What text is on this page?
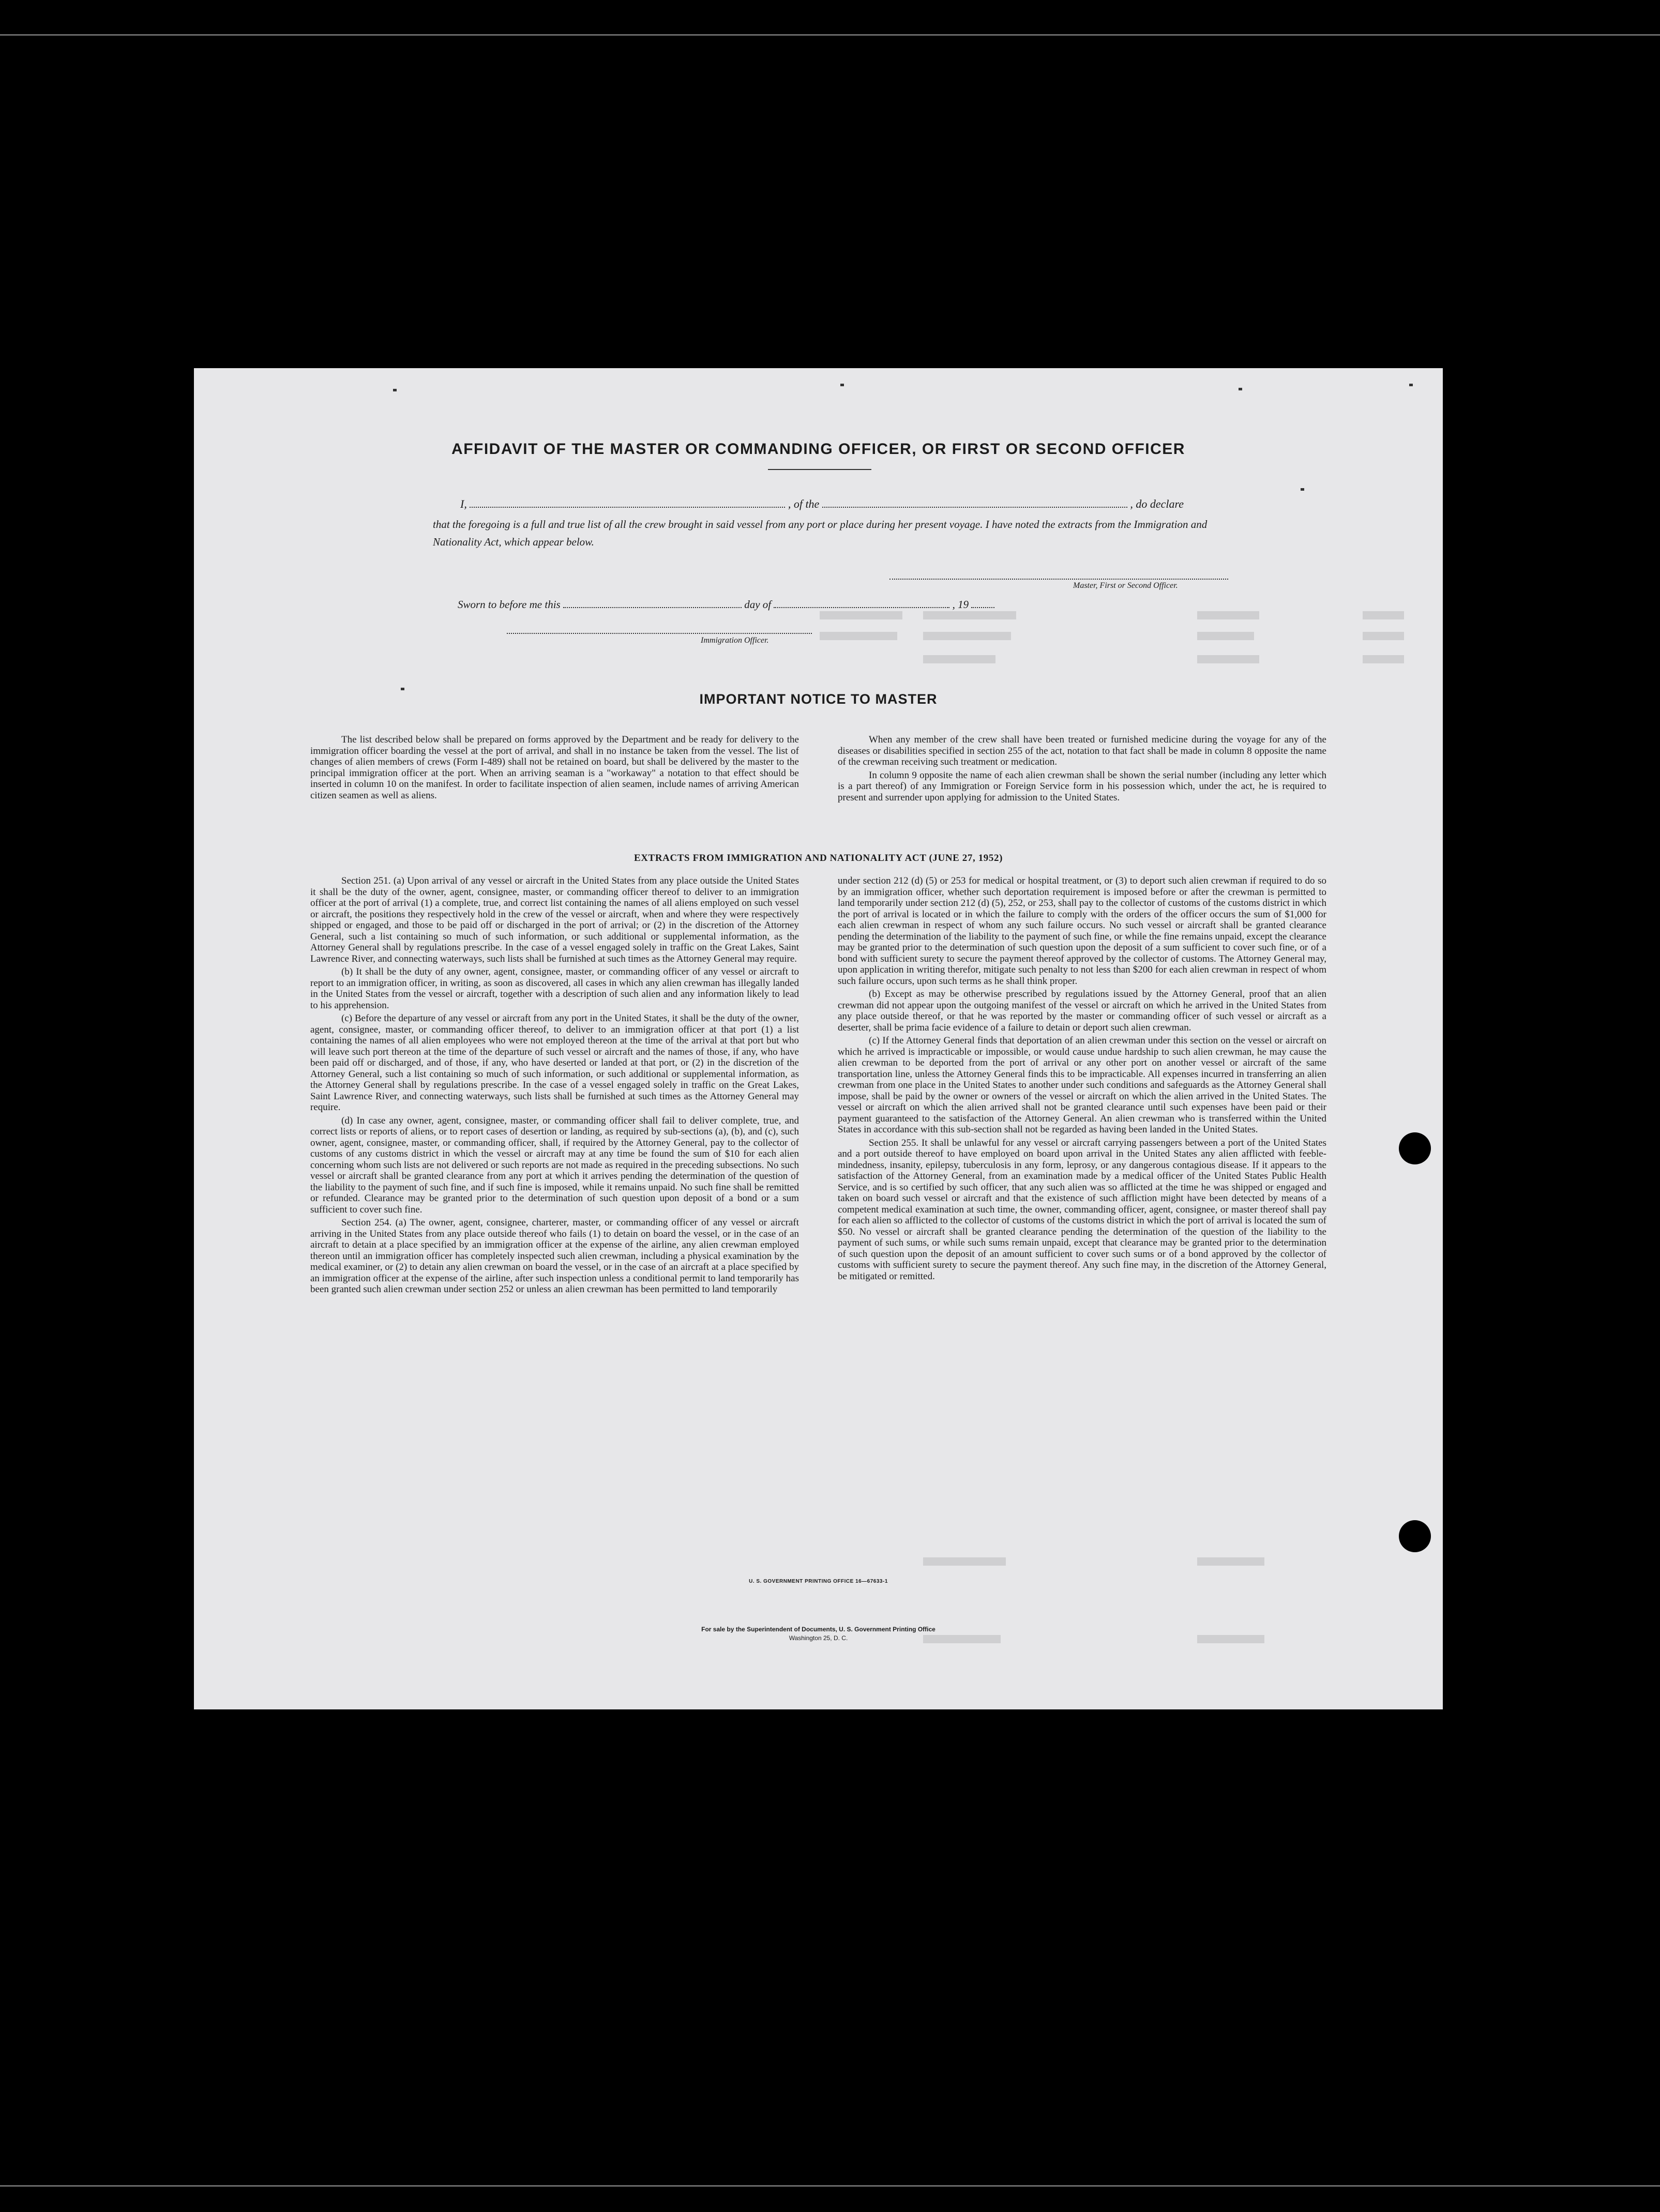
AFFIDAVIT OF THE MASTER OR COMMANDING OFFICER, OR FIRST OR SECOND OFFICER
I,	, of the	, do declare
that the foregoing is a full and true list of all the crew brought in said vessel from any port or place during her present voyage. I have noted the extracts from the Immigration and Nationality Act, which appear below.
Master, First or Second Officer.
Sworn to before me this	day of	, 19
Immigration Officer.
IMPORTANT NOTICE TO MASTER

The list described below shall be prepared on forms approved by the Department and be ready for delivery to the immigration officer boarding the vessel at the port of arrival, and shall in no instance be taken from the vessel. The list of changes of alien members of crews (Form I-489) shall not be retained on board, but shall be delivered by the master to the principal immigration officer at the port. When an arriving seaman is a "workaway" a notation to that effect should be inserted in column 10 on the manifest. In order to facilitate inspection of alien seamen, include names of arriving American citizen seamen as well as aliens.

When any member of the crew shall have been treated or furnished medicine during the voyage for any of the diseases or disabilities specified in section 255 of the act, notation to that fact shall be made in column 8 opposite the name of the crewman receiving such treatment or medication.

In column 9 opposite the name of each alien crewman shall be shown the serial number (including any letter which is a part thereof) of any Immigration or Foreign Service form in his possession which, under the act, he is required to present and surrender upon applying for admission to the United States.

EXTRACTS FROM IMMIGRATION AND NATIONALITY ACT (JUNE 27, 1952)

Section 251. (a) Upon arrival of any vessel or aircraft in the United States from any place outside the United States it shall be the duty of the owner, agent, consignee, master, or commanding officer thereof to deliver to an immigration officer at the port of arrival (1) a complete, true, and correct list containing the names of all aliens employed on such vessel or aircraft, the positions they respectively hold in the crew of the vessel or aircraft, when and where they were respectively shipped or engaged, and those to be paid off or discharged in the port of arrival; or (2) in the discretion of the Attorney General, such a list containing so much of such information, or such additional or supplemental information, as the Attorney General shall by regulations prescribe. In the case of a vessel engaged solely in traffic on the Great Lakes, Saint Lawrence River, and connecting waterways, such lists shall be furnished at such times as the Attorney General may require.

(b) It shall be the duty of any owner, agent, consignee, master, or commanding officer of any vessel or aircraft to report to an immigration officer, in writing, as soon as discovered, all cases in which any alien crewman has illegally landed in the United States from the vessel or aircraft, together with a description of such alien and any information likely to lead to his apprehension.

(c) Before the departure of any vessel or aircraft from any port in the United States, it shall be the duty of the owner, agent, consignee, master, or commanding officer thereof, to deliver to an immigration officer at that port (1) a list containing the names of all alien employees who were not employed thereon at the time of the arrival at that port but who will leave such port thereon at the time of the departure of such vessel or aircraft and the names of those, if any, who have been paid off or discharged, and of those, if any, who have deserted or landed at that port, or (2) in the discretion of the Attorney General, such a list containing so much of such information, or such additional or supplemental information, as the Attorney General shall by regulations prescribe. In the case of a vessel engaged solely in traffic on the Great Lakes, Saint Lawrence River, and connecting waterways, such lists shall be furnished at such times as the Attorney General may require.

(d) In case any owner, agent, consignee, master, or commanding officer shall fail to deliver complete, true, and correct lists or reports of aliens, or to report cases of desertion or landing, as required by sub-sections (a), (b), and (c), such owner, agent, consignee, master, or commanding officer, shall, if required by the Attorney General, pay to the collector of customs of any customs district in which the vessel or aircraft may at any time be found the sum of $10 for each alien concerning whom such lists are not delivered or such reports are not made as required in the preceding subsections. No such vessel or aircraft shall be granted clearance from any port at which it arrives pending the determination of the question of the liability to the payment of such fine, and if such fine is imposed, while it remains unpaid. No such fine shall be remitted or refunded. Clearance may be granted prior to the determination of such question upon deposit of a bond or a sum sufficient to cover such fine.

Section 254. (a) The owner, agent, consignee, charterer, master, or commanding officer of any vessel or aircraft arriving in the United States from any place outside thereof who fails (1) to detain on board the vessel, or in the case of an aircraft to detain at a place specified by an immigration officer at the expense of the airline, any alien crewman employed thereon until an immigration officer has completely inspected such alien crewman, including a physical examination by the medical examiner, or (2) to detain any alien crewman on board the vessel, or in the case of an aircraft at a place specified by an immigration officer at the expense of the airline, after such inspection unless a conditional permit to land temporarily has been granted such alien crewman under section 252 or unless an alien crewman has been permitted to land temporarily

under section 212 (d) (5) or 253 for medical or hospital treatment, or (3) to deport such alien crewman if required to do so by an immigration officer, whether such deportation requirement is imposed before or after the crewman is permitted to land temporarily under section 212 (d) (5), 252, or 253, shall pay to the collector of customs of the customs district in which the port of arrival is located or in which the failure to comply with the orders of the officer occurs the sum of $1,000 for each alien crewman in respect of whom any such failure occurs. No such vessel or aircraft shall be granted clearance pending the determination of the liability to the payment of such fine, or while the fine remains unpaid, except the clearance may be granted prior to the determination of such question upon the deposit of a sum sufficient to cover such fine, or of a bond with sufficient surety to secure the payment thereof approved by the collector of customs. The Attorney General may, upon application in writing therefor, mitigate such penalty to not less than $200 for each alien crewman in respect of whom such failure occurs, upon such terms as he shall think proper.

(b) Except as may be otherwise prescribed by regulations issued by the Attorney General, proof that an alien crewman did not appear upon the outgoing manifest of the vessel or aircraft on which he arrived in the United States from any place outside thereof, or that he was reported by the master or commanding officer of such vessel or aircraft as a deserter, shall be prima facie evidence of a failure to detain or deport such alien crewman.

(c) If the Attorney General finds that deportation of an alien crewman under this section on the vessel or aircraft on which he arrived is impracticable or impossible, or would cause undue hardship to such alien crewman, he may cause the alien crewman to be deported from the port of arrival or any other port on another vessel or aircraft of the same transportation line, unless the Attorney General finds this to be impracticable. All expenses incurred in transferring an alien crewman from one place in the United States to another under such conditions and safeguards as the Attorney General shall impose, shall be paid by the owner or owners of the vessel or aircraft on which the alien arrived in the United States. The vessel or aircraft on which the alien arrived shall not be granted clearance until such expenses have been paid or their payment guaranteed to the satisfaction of the Attorney General. An alien crewman who is transferred within the United States in accordance with this sub-section shall not be regarded as having been landed in the United States.

Section 255. It shall be unlawful for any vessel or aircraft carrying passengers between a port of the United States and a port outside thereof to have employed on board upon arrival in the United States any alien afflicted with feeble-mindedness, insanity, epilepsy, tuberculosis in any form, leprosy, or any dangerous contagious disease. If it appears to the satisfaction of the Attorney General, from an examination made by a medical officer of the United States Public Health Service, and is so certified by such officer, that any such alien was so afflicted at the time he was shipped or engaged and taken on board such vessel or aircraft and that the existence of such affliction might have been detected by means of a competent medical examination at such time, the owner, commanding officer, agent, consignee, or master thereof shall pay for each alien so afflicted to the collector of customs of the customs district in which the port of arrival is located the sum of $50. No vessel or aircraft shall be granted clearance pending the determination of the question of the liability to the payment of such sums, or while such sums remain unpaid, except that clearance may be granted prior to the determination of such question upon the deposit of an amount sufficient to cover such sums or of a bond approved by the collector of customs with sufficient surety to secure the payment thereof. Any such fine may, in the discretion of the Attorney General, be mitigated or remitted.

U. S. GOVERNMENT PRINTING OFFICE 16—67633-1
For sale by the Superintendent of Documents, U. S. Government Printing Office
Washington 25, D. C.
